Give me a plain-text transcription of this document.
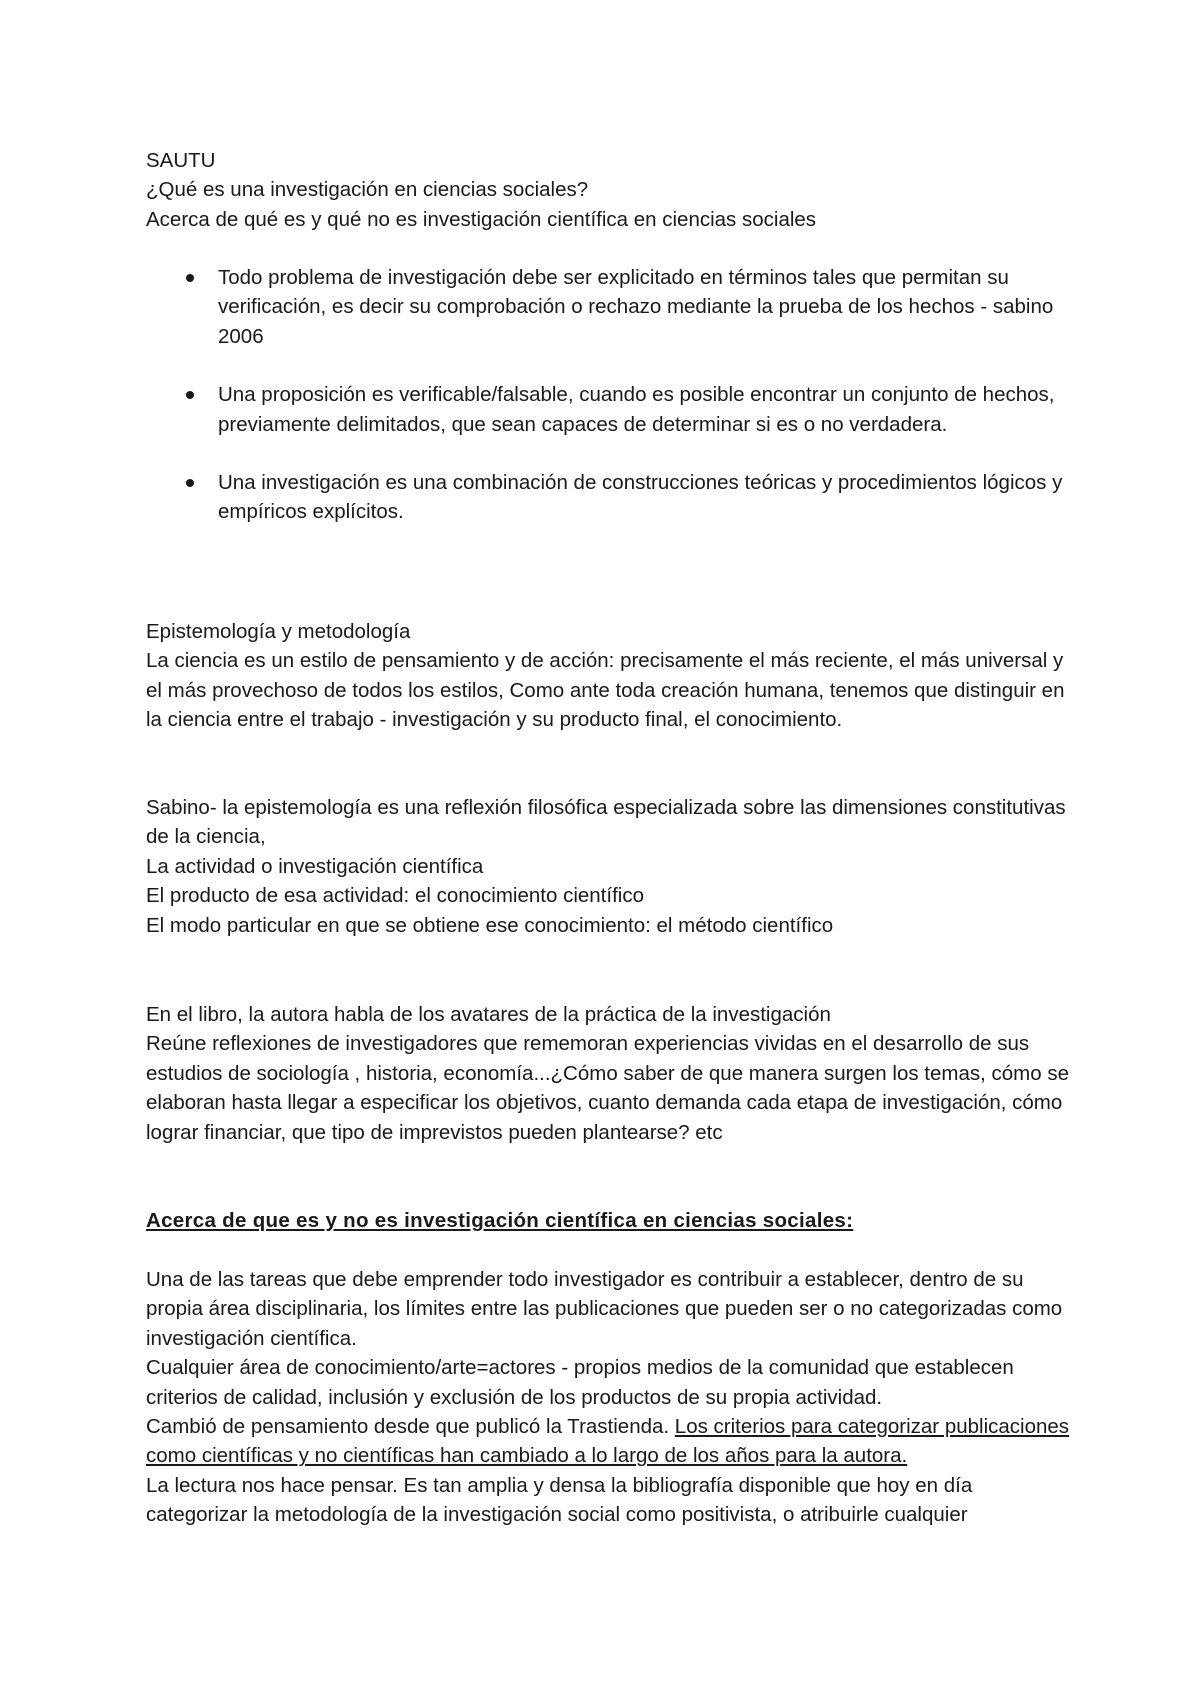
SAUTU

¿Qué es una investigación en ciencias sociales?

Acerca de qué es y qué no es investigación científica en ciencias sociales

Todo problema de investigación debe ser explicitado en términos tales que permitan su verificación, es decir su comprobación o rechazo mediante la prueba de los hechos - sabino 2006
Una proposición es verificable/falsable, cuando es posible encontrar un conjunto de hechos, previamente delimitados, que sean capaces de determinar si es o no verdadera.
Una investigación es una combinación de construcciones teóricas y procedimientos lógicos y empíricos explícitos.

Epistemología y metodología

La ciencia es un estilo de pensamiento y de acción: precisamente el más reciente, el más universal y el más provechoso de todos los estilos, Como ante toda creación humana, tenemos que distinguir en la ciencia entre el trabajo - investigación y su producto final, el conocimiento.

Sabino- la epistemología es una reflexión filosófica especializada sobre las dimensiones constitutivas de la ciencia,

La actividad o investigación científica

El producto de esa actividad: el conocimiento científico

El modo particular en que se obtiene ese conocimiento: el método científico

En el libro, la autora habla de los avatares de la práctica de la investigación

Reúne reflexiones de investigadores que rememoran experiencias vividas en el desarrollo de sus estudios de sociología , historia, economía...¿Cómo saber de que manera surgen los temas, cómo se elaboran hasta llegar a especificar los objetivos, cuanto demanda cada etapa de investigación, cómo lograr financiar, que tipo de imprevistos pueden plantearse? etc

Acerca de que es y no es investigación científica en ciencias sociales:

Una de las tareas que debe emprender todo investigador es contribuir a establecer, dentro de su propia área disciplinaria, los límites entre las publicaciones que pueden ser o no categorizadas como investigación científica.

Cualquier área de conocimiento/arte=actores - propios medios de la comunidad que establecen criterios de calidad, inclusión y exclusión de los productos de su propia actividad.

Cambió de pensamiento desde que publicó la Trastienda. Los criterios para categorizar publicaciones como científicas y no científicas han cambiado a lo largo de los años para la autora.

La lectura nos hace pensar. Es tan amplia y densa la bibliografía disponible que hoy en día categorizar la metodología de la investigación social como positivista, o atribuirle cualquier
